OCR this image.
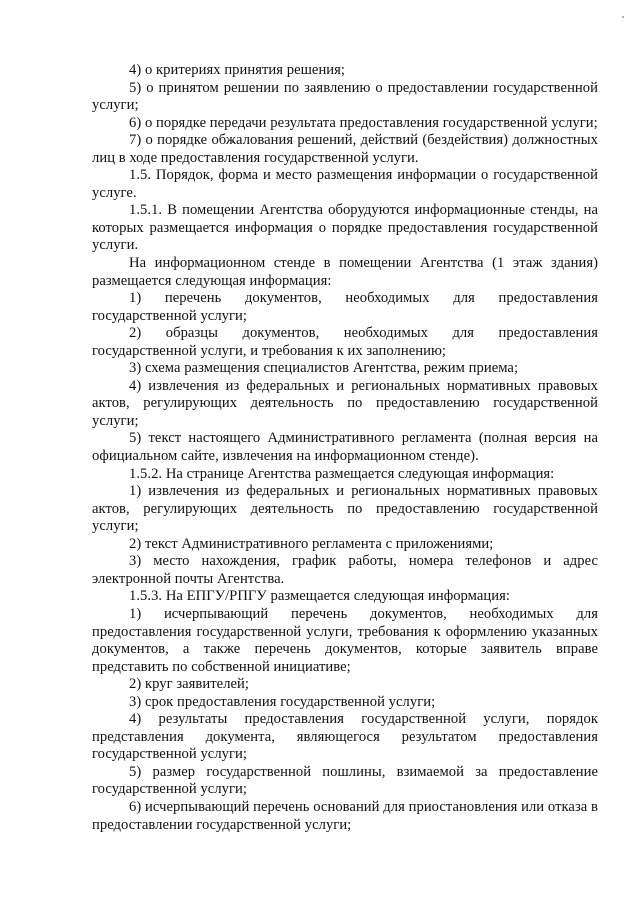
4) о критериях принятия решения;

5) о принятом решении по заявлению о предоставлении государственной услуги;

6) о порядке передачи результата предоставления государственной услуги;

7) о порядке обжалования решений, действий (бездействия) должностных лиц в ходе предоставления государственной услуги.

1.5. Порядок, форма и место размещения информации о государственной услуге.

1.5.1. В помещении Агентства оборудуются информационные стенды, на которых размещается информация о порядке предоставления государственной услуги.

На информационном стенде в помещении Агентства (1 этаж здания) размещается следующая информация:

1) перечень документов, необходимых для предоставления государственной услуги;

2) образцы документов, необходимых для предоставления государственной услуги, и требования к их заполнению;

3) схема размещения специалистов Агентства, режим приема;

4) извлечения из федеральных и региональных нормативных правовых актов, регулирующих деятельность по предоставлению государственной услуги;

5) текст настоящего Административного регламента (полная версия на официальном сайте, извлечения на информационном стенде).

1.5.2. На странице Агентства размещается следующая информация:

1) извлечения из федеральных и региональных нормативных правовых актов, регулирующих деятельность по предоставлению государственной услуги;

2) текст Административного регламента с приложениями;

3) место нахождения, график работы, номера телефонов и адрес электронной почты Агентства.

1.5.3. На ЕПГУ/РПГУ размещается следующая информация:

1) исчерпывающий перечень документов, необходимых для предоставления государственной услуги, требования к оформлению указанных документов, а также перечень документов, которые заявитель вправе представить по собственной инициативе;

2) круг заявителей;

3) срок предоставления государственной услуги;

4) результаты предоставления государственной услуги, порядок представления документа, являющегося результатом предоставления государственной услуги;

5) размер государственной пошлины, взимаемой за предоставление государственной услуги;

6) исчерпывающий перечень оснований для приостановления или отказа в предоставлении государственной услуги;
